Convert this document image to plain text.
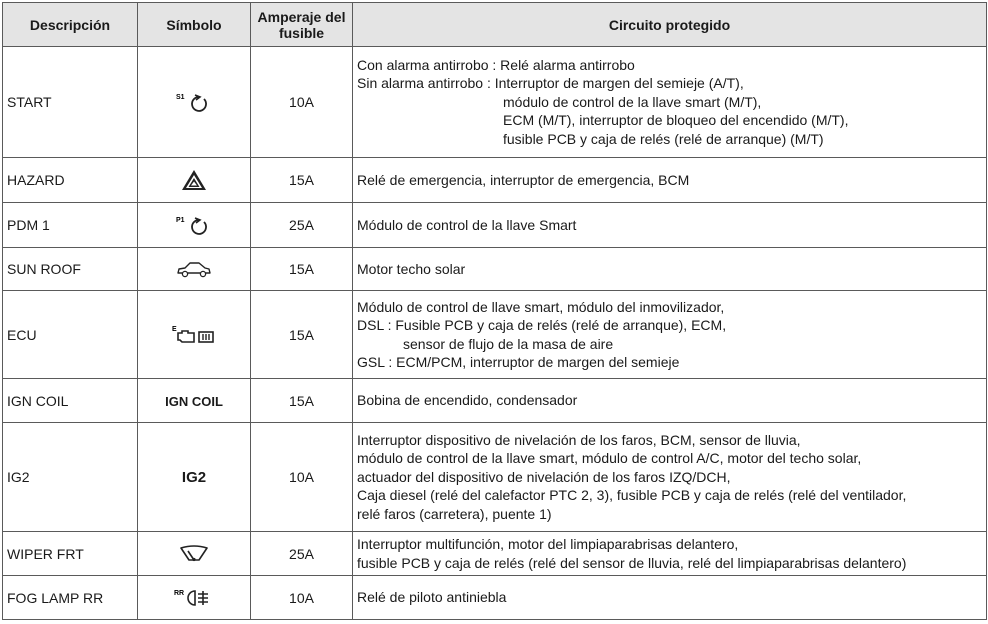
Descripción	Símbolo	Amperaje del fusible	Circuito protegido
START	S1	10A	Con alarma antirrobo : Relé alarma antirrobo
Sin alarma antirrobo : Interruptor de margen del semieje (A/T),
módulo de control de la llave smart (M/T),
ECM (M/T), interruptor de bloqueo del encendido (M/T),
fusible PCB y caja de relés (relé de arranque) (M/T)

HAZARD		15A	Relé de emergencia, interruptor de emergencia, BCM

PDM 1	P1	25A	Módulo de control de la llave Smart

SUN ROOF		15A	Motor techo solar

ECU	E	15A	Módulo de control de llave smart, módulo del inmovilizador,
DSL : Fusible PCB y caja de relés (relé de arranque), ECM,
sensor de flujo de la masa de aire
GSL : ECM/PCM, interruptor de margen del semieje

IGN COIL	IGN COIL	15A	Bobina de encendido, condensador

IG2	IG2	10A	Interruptor dispositivo de nivelación de los faros, BCM, sensor de lluvia,
módulo de control de la llave smart, módulo de control A/C, motor del techo solar,
actuador del dispositivo de nivelación de los faros IZQ/DCH,
Caja diesel (relé del calefactor PTC 2, 3), fusible PCB y caja de relés (relé del ventilador,
relé faros (carretera), puente 1)

WIPER FRT		25A	Interruptor multifunción, motor del limpiaparabrisas delantero,
fusible PCB y caja de relés (relé del sensor de lluvia, relé del limpiaparabrisas delantero)

FOG LAMP RR	RR	10A	Relé de piloto antiniebla
